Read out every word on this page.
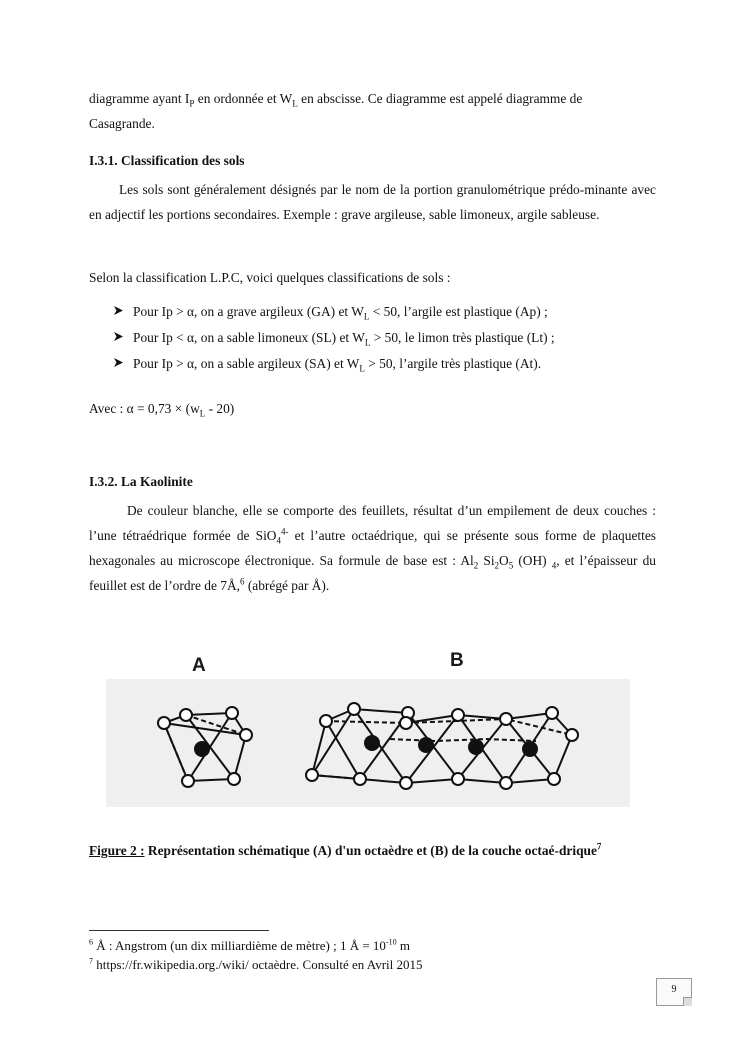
diagramme ayant $I_P$ en ordonnée et $W_L$ en abscisse. Ce diagramme est appelé diagramme de
Casagrande.

I.3.1. Classification des sols

Les sols sont généralement désignés par le nom de la portion granulométrique prédo-minante avec en adjectif les portions secondaires. Exemple : grave argileuse, sable limoneux, argile sableuse.

Selon la classification L.P.C, voici quelques classifications de sols :

Pour Ip > α, on a grave argileux (GA) et $W_L < 50$, l’argile est plastique (Ap) ;

Pour Ip < α, on a sable limoneux (SL) et $W_L > 50$, le limon très plastique (Lt) ;

Pour Ip > α, on a sable argileux (SA) et $W_L > 50$, l’argile très plastique (At).

Avec : $\alpha = 0,73 \times (w_L - 20)$

I.3.2. La Kaolinite

De couleur blanche, elle se comporte des feuillets, résultat d’un empilement de deux couches : l’une tétraédrique formée de SiO$_4^{4-}$ et l’autre octaédrique, qui se présente sous forme de plaquettes hexagonales au microscope électronique. Sa formule de base est : $Al_2$ $Si_2O_5$ (OH) $_4$, et l’épaisseur du feuillet est de l’ordre de 7Å,$^6$ (abrégé par Å).

A	B
Figure 2 : Représentation schématique (A) d'un octaèdre et (B) de la couche octaé-drique$^7$

$^6$ Å : Angstrom (un dix milliardième de mètre) ; 1 Å = $10^{-10}$ m

$^7$ https://fr.wikipedia.org./wiki/ octaèdre. Consulté en Avril 2015

9
